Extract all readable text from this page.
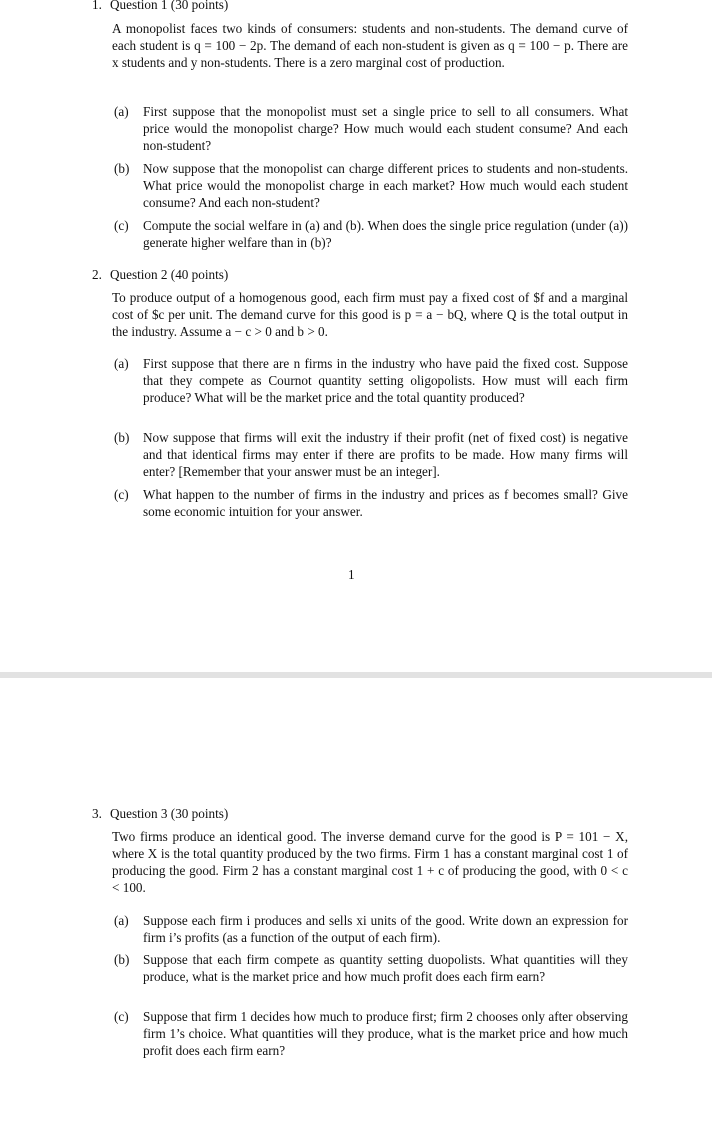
1. Question 1 (30 points)
A monopolist faces two kinds of consumers: students and non-students. The demand curve of each student is q = 100 − 2p. The demand of each non-student is given as q = 100 − p. There are x students and y non-students. There is a zero marginal cost of production.
(a)	First suppose that the monopolist must set a single price to sell to all consumers. What price would the monopolist charge? How much would each student consume? And each non-student?
(b)	Now suppose that the monopolist can charge different prices to students and non-students. What price would the monopolist charge in each market? How much would each student consume? And each non-student?
(c)	Compute the social welfare in (a) and (b). When does the single price regulation (under (a)) generate higher welfare than in (b)?
2. Question 2 (40 points)
To produce output of a homogenous good, each firm must pay a fixed cost of $f and a marginal cost of $c per unit. The demand curve for this good is p = a − bQ, where Q is the total output in the industry. Assume a − c > 0 and b > 0.
(a)	First suppose that there are n firms in the industry who have paid the fixed cost. Suppose that they compete as Cournot quantity setting oligopolists. How must will each firm produce? What will be the market price and the total quantity produced?
(b)	Now suppose that firms will exit the industry if their profit (net of fixed cost) is negative and that identical firms may enter if there are profits to be made. How many firms will enter? [Remember that your answer must be an integer].
(c)	What happen to the number of firms in the industry and prices as f becomes small? Give some economic intuition for your answer.
1
3. Question 3 (30 points)
Two firms produce an identical good. The inverse demand curve for the good is P = 101 − X, where X is the total quantity produced by the two firms. Firm 1 has a constant marginal cost 1 of producing the good. Firm 2 has a constant marginal cost 1 + c of producing the good, with 0 < c < 100.
(a)	Suppose each firm i produces and sells xi units of the good. Write down an expression for firm i’s profits (as a function of the output of each firm).
(b)	Suppose that each firm compete as quantity setting duopolists. What quantities will they produce, what is the market price and how much profit does each firm earn?
(c)	Suppose that firm 1 decides how much to produce first; firm 2 chooses only after observing firm 1’s choice. What quantities will they produce, what is the market price and how much profit does each firm earn?
